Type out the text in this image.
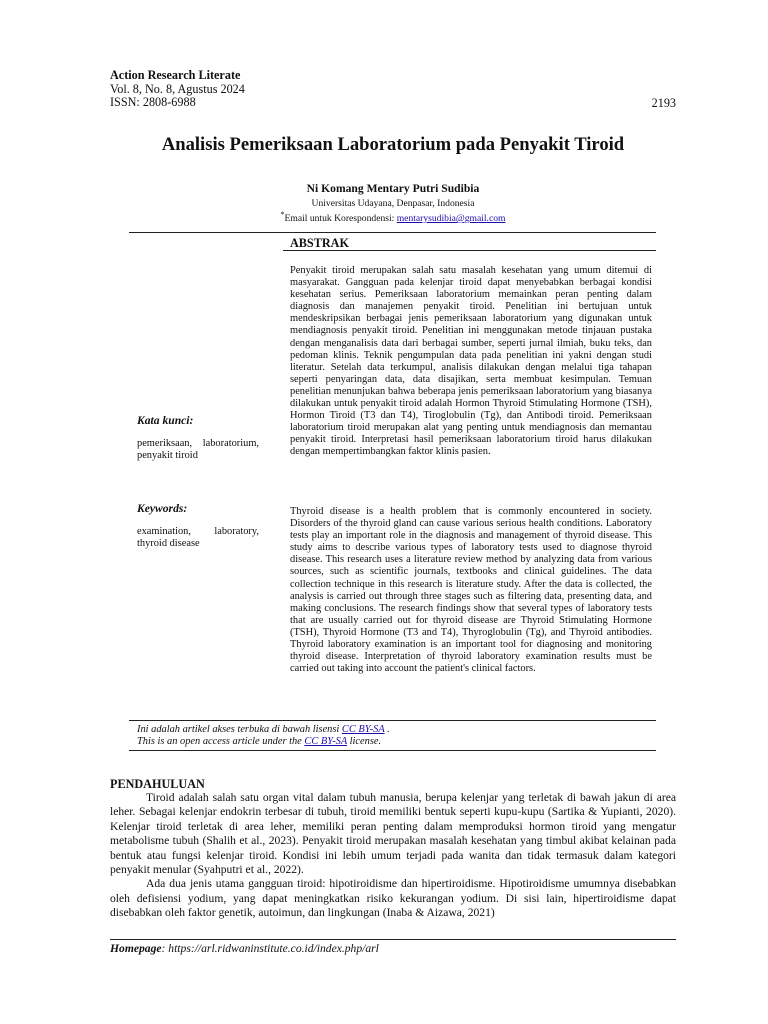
Action Research Literate
Vol. 8, No. 8, Agustus 2024
ISSN: 2808-6988	2193
Analisis Pemeriksaan Laboratorium pada Penyakit Tiroid
Ni Komang Mentary Putri Sudibia
Universitas Udayana, Denpasar, Indonesia
*Email untuk Korespondensi: mentarysudibia@gmail.com
ABSTRAK
Kata kunci:
pemeriksaan, laboratorium, penyakit tiroid
Keywords:
examination, laboratory, thyroid disease

Penyakit tiroid merupakan salah satu masalah kesehatan yang umum ditemui di masyarakat. Gangguan pada kelenjar tiroid dapat menyebabkan berbagai kondisi kesehatan serius. Pemeriksaan laboratorium memainkan peran penting dalam diagnosis dan manajemen penyakit tiroid. Penelitian ini bertujuan untuk mendeskripsikan berbagai jenis pemeriksaan laboratorium yang digunakan untuk mendiagnosis penyakit tiroid. Penelitian ini menggunakan metode tinjauan pustaka dengan menganalisis data dari berbagai sumber, seperti jurnal ilmiah, buku teks, dan pedoman klinis. Teknik pengumpulan data pada penelitian ini yakni dengan studi literatur. Setelah data terkumpul, analisis dilakukan dengan melalui tiga tahapan seperti penyaringan data, data disajikan, serta membuat kesimpulan. Temuan penelitian menunjukan bahwa beberapa jenis pemeriksaan laboratorium yang biasanya dilakukan untuk penyakit tiroid adalah Hormon Thyroid Stimulating Hormone (TSH), Hormon Tiroid (T3 dan T4), Tiroglobulin (Tg), dan Antibodi tiroid. Pemeriksaan laboratorium tiroid merupakan alat yang penting untuk mendiagnosis dan memantau penyakit tiroid. Interpretasi hasil pemeriksaan laboratorium tiroid harus dilakukan dengan mempertimbangkan faktor klinis pasien.

Thyroid disease is a health problem that is commonly encountered in society. Disorders of the thyroid gland can cause various serious health conditions. Laboratory tests play an important role in the diagnosis and management of thyroid disease. This study aims to describe various types of laboratory tests used to diagnose thyroid disease. This research uses a literature review method by analyzing data from various sources, such as scientific journals, textbooks and clinical guidelines. The data collection technique in this research is literature study. After the data is collected, the analysis is carried out through three stages such as filtering data, presenting data, and making conclusions. The research findings show that several types of laboratory tests that are usually carried out for thyroid disease are Thyroid Stimulating Hormone (TSH), Thyroid Hormone (T3 and T4), Thyroglobulin (Tg), and Thyroid antibodies. Thyroid laboratory examination is an important tool for diagnosing and monitoring thyroid disease. Interpretation of thyroid laboratory examination results must be carried out taking into account the patient's clinical factors.

Ini adalah artikel akses terbuka di bawah lisensi CC BY-SA .
This is an open access article under the CC BY-SA license.
PENDAHULUAN

Tiroid adalah salah satu organ vital dalam tubuh manusia, berupa kelenjar yang terletak di bawah jakun di area leher. Sebagai kelenjar endokrin terbesar di tubuh, tiroid memiliki bentuk seperti kupu-kupu (Sartika & Yupianti, 2020). Kelenjar tiroid terletak di area leher, memiliki peran penting dalam memproduksi hormon tiroid yang mengatur metabolisme tubuh (Shalih et al., 2023). Penyakit tiroid merupakan masalah kesehatan yang timbul akibat kelainan pada bentuk atau fungsi kelenjar tiroid. Kondisi ini lebih umum terjadi pada wanita dan tidak termasuk dalam kategori penyakit menular (Syahputri et al., 2022).

Ada dua jenis utama gangguan tiroid: hipotiroidisme dan hipertiroidisme. Hipotiroidisme umumnya disebabkan oleh defisiensi yodium, yang dapat meningkatkan risiko kekurangan yodium. Di sisi lain, hipertiroidisme dapat disebabkan oleh faktor genetik, autoimun, dan lingkungan (Inaba & Aizawa, 2021)

Homepage: https://arl.ridwaninstitute.co.id/index.php/arl
